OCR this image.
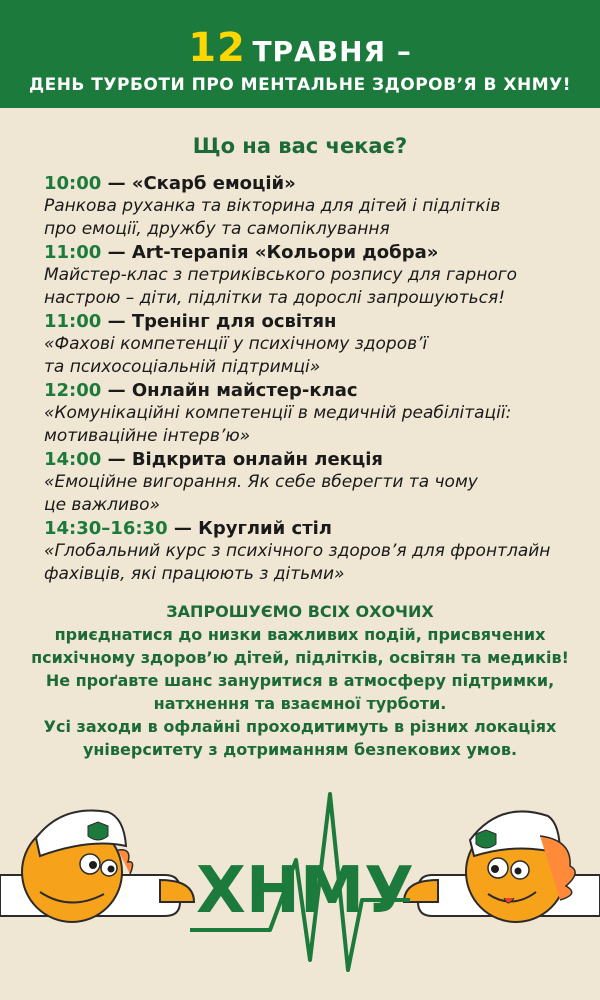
12 ТРАВНЯ –
ДЕНЬ ТУРБОТИ ПРО МЕНТАЛЬНЕ ЗДОРОВ’Я В ХНМУ!
Що на вас чекає?
10:00 — «Скарб емоцій»
Ранкова руханка та вікторина для дітей і підлітків
про емоції, дружбу та самопіклування
11:00 — Art-терапія «Кольори добра»
Майстер-клас з петриківського розпису для гарного
настрою – діти, підлітки та дорослі запрошуються!
11:00 — Тренінг для освітян
«Фахові компетенції у психічному здоров’ї
та психосоціальній підтримці»
12:00 — Онлайн майстер-клас
«Комунікаційні компетенції в медичній реабілітації:
мотиваційне інтерв’ю»
14:00 — Відкрита онлайн лекція
«Емоційне вигорання. Як себе вберегти та чому
це важливо»
14:30–16:30 — Круглий стіл
«Глобальний курс з психічного здоров’я для фронтлайн
фахівців, які працюють з дітьми»
ЗАПРОШУЄМО ВСІХ ОХОЧИХ
приєднатися до низки важливих подій, присвячених
психічному здоров’ю дітей, підлітків, освітян та медиків!
Не проґавте шанс зануритися в атмосферу підтримки,
натхнення та взаємної турботи.
Усі заходи в офлайні проходитимуть в різних локаціях
університету з дотриманням безпекових умов.
ХНМУ
